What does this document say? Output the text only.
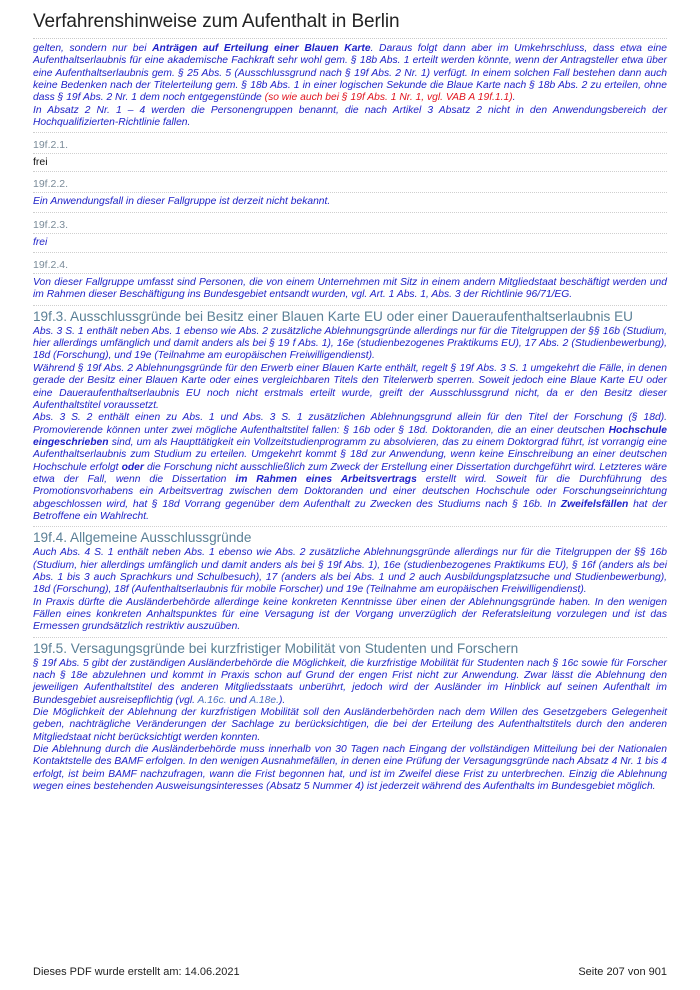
Verfahrenshinweise zum Aufenthalt in Berlin

gelten, sondern nur bei Anträgen auf Erteilung einer Blauen Karte. Daraus folgt dann aber im Umkehrschluss, dass etwa eine Aufenthaltserlaubnis für eine akademische Fachkraft sehr wohl gem. § 18b Abs. 1 erteilt werden könnte, wenn der Antragsteller etwa über eine Aufenthaltserlaubnis gem. § 25 Abs. 5 (Ausschlussgrund nach § 19f Abs. 2 Nr. 1) verfügt. In einem solchen Fall bestehen dann auch keine Bedenken nach der Titelerteilung gem. § 18b Abs. 1 in einer logischen Sekunde die Blaue Karte nach § 18b Abs. 2 zu erteilen, ohne dass § 19f Abs. 2 Nr. 1 dem noch entgegenstünde (so wie auch bei § 19f Abs. 1 Nr. 1, vgl. VAB A 19f.1.1).

In Absatz 2 Nr. 1 – 4 werden die Personengruppen benannt, die nach Artikel 3 Absatz 2 nicht in den Anwendungsbereich der Hochqualifizierten-Richtlinie fallen.

19f.2.1.

frei

19f.2.2.

Ein Anwendungsfall in dieser Fallgruppe ist derzeit nicht bekannt.

19f.2.3.

frei

19f.2.4.

Von dieser Fallgruppe umfasst sind Personen, die von einem Unternehmen mit Sitz in einem andern Mitgliedstaat beschäftigt werden und im Rahmen dieser Beschäftigung ins Bundesgebiet entsandt wurden, vgl. Art. 1 Abs. 1, Abs. 3 der Richtlinie 96/71/EG.

19f.3. Ausschlussgründe bei Besitz einer Blauen Karte EU oder einer Daueraufenthaltserlaubnis EU

Abs. 3 S. 1 enthält neben Abs. 1 ebenso wie Abs. 2 zusätzliche Ablehnungsgründe allerdings nur für die Titelgruppen der §§ 16b (Studium, hier allerdings umfänglich und damit anders als bei § 19 f Abs. 1), 16e (studienbezogenes Praktikums EU), 17 Abs. 2 (Studienbewerbung), 18d (Forschung), und 19e (Teilnahme am europäischen Freiwilligendienst).

Während § 19f Abs. 2 Ablehnungsgründe für den Erwerb einer Blauen Karte enthält, regelt § 19f Abs. 3 S. 1 umgekehrt die Fälle, in denen gerade der Besitz einer Blauen Karte oder eines vergleichbaren Titels den Titelerwerb sperren. Soweit jedoch eine Blaue Karte EU oder eine Daueraufenthaltserlaubnis EU noch nicht erstmals erteilt wurde, greift der Ausschlussgrund nicht, da er den Besitz dieser Aufenthaltstitel voraussetzt.

Abs. 3 S. 2 enthält einen zu Abs. 1 und Abs. 3 S. 1 zusätzlichen Ablehnungsgrund allein für den Titel der Forschung (§ 18d). Promovierende können unter zwei mögliche Aufenthaltstitel fallen: § 16b oder § 18d. Doktoranden, die an einer deutschen Hochschule eingeschrieben sind, um als Haupttätigkeit ein Vollzeitstudienprogramm zu absolvieren, das zu einem Doktorgrad führt, ist vorrangig eine Aufenthaltserlaubnis zum Studium zu erteilen. Umgekehrt kommt § 18d zur Anwendung, wenn keine Einschreibung an einer deutschen Hochschule erfolgt oder die Forschung nicht ausschließlich zum Zweck der Erstellung einer Dissertation durchgeführt wird. Letzteres wäre etwa der Fall, wenn die Dissertation im Rahmen eines Arbeitsvertrags erstellt wird. Soweit für die Durchführung des Promotionsvorhabens ein Arbeitsvertrag zwischen dem Doktoranden und einer deutschen Hochschule oder Forschungseinrichtung abgeschlossen wird, hat § 18d Vorrang gegenüber dem Aufenthalt zu Zwecken des Studiums nach § 16b. In Zweifelsfällen hat der Betroffene ein Wahlrecht.

19f.4. Allgemeine Ausschlussgründe

Auch Abs. 4 S. 1 enthält neben Abs. 1 ebenso wie Abs. 2 zusätzliche Ablehnungsgründe allerdings nur für die Titelgruppen der §§ 16b (Studium, hier allerdings umfänglich und damit anders als bei § 19f Abs. 1), 16e (studienbezogenes Praktikums EU), § 16f (anders als bei Abs. 1 bis 3 auch Sprachkurs und Schulbesuch), 17 (anders als bei Abs. 1 und 2 auch Ausbildungsplatzsuche und Studienbewerbung), 18d (Forschung), 18f (Aufenthaltserlaubnis für mobile Forscher) und 19e (Teilnahme am europäischen Freiwilligendienst).

In Praxis dürfte die Ausländerbehörde allerdinge keine konkreten Kenntnisse über einen der Ablehnungsgründe haben. In den wenigen Fällen eines konkreten Anhaltspunktes für eine Versagung ist der Vorgang unverzüglich der Referatsleitung vorzulegen und ist das Ermessen grundsätzlich restriktiv auszuüben.

19f.5. Versagungsgründe bei kurzfristiger Mobilität von Studenten und Forschern

§ 19f Abs. 5 gibt der zuständigen Ausländerbehörde die Möglichkeit, die kurzfristige Mobilität für Studenten nach § 16c sowie für Forscher nach § 18e abzulehnen und kommt in Praxis schon auf Grund der engen Frist nicht zur Anwendung. Zwar lässt die Ablehnung den jeweiligen Aufenthaltstitel des anderen Mitgliedsstaats unberührt, jedoch wird der Ausländer im Hinblick auf seinen Aufenthalt im Bundesgebiet ausreisepflichtig (vgl. A.16c. und A.18e.).

Die Möglichkeit der Ablehnung der kurzfristigen Mobilität soll den Ausländerbehörden nach dem Willen des Gesetzgebers Gelegenheit geben, nachträgliche Veränderungen der Sachlage zu berücksichtigen, die bei der Erteilung des Aufenthaltstitels durch den anderen Mitgliedstaat nicht berücksichtigt werden konnten.

Die Ablehnung durch die Ausländerbehörde muss innerhalb von 30 Tagen nach Eingang der vollständigen Mitteilung bei der Nationalen Kontaktstelle des BAMF erfolgen. In den wenigen Ausnahmefällen, in denen eine Prüfung der Versagungsgründe nach Absatz 4 Nr. 1 bis 4 erfolgt, ist beim BAMF nachzufragen, wann die Frist begonnen hat, und ist im Zweifel diese Frist zu unterbrechen. Einzig die Ablehnung wegen eines bestehenden Ausweisungsinteresses (Absatz 5 Nummer 4) ist jederzeit während des Aufenthalts im Bundesgebiet möglich.

Dieses PDF wurde erstellt am: 14.06.2021	Seite 207 von 901
